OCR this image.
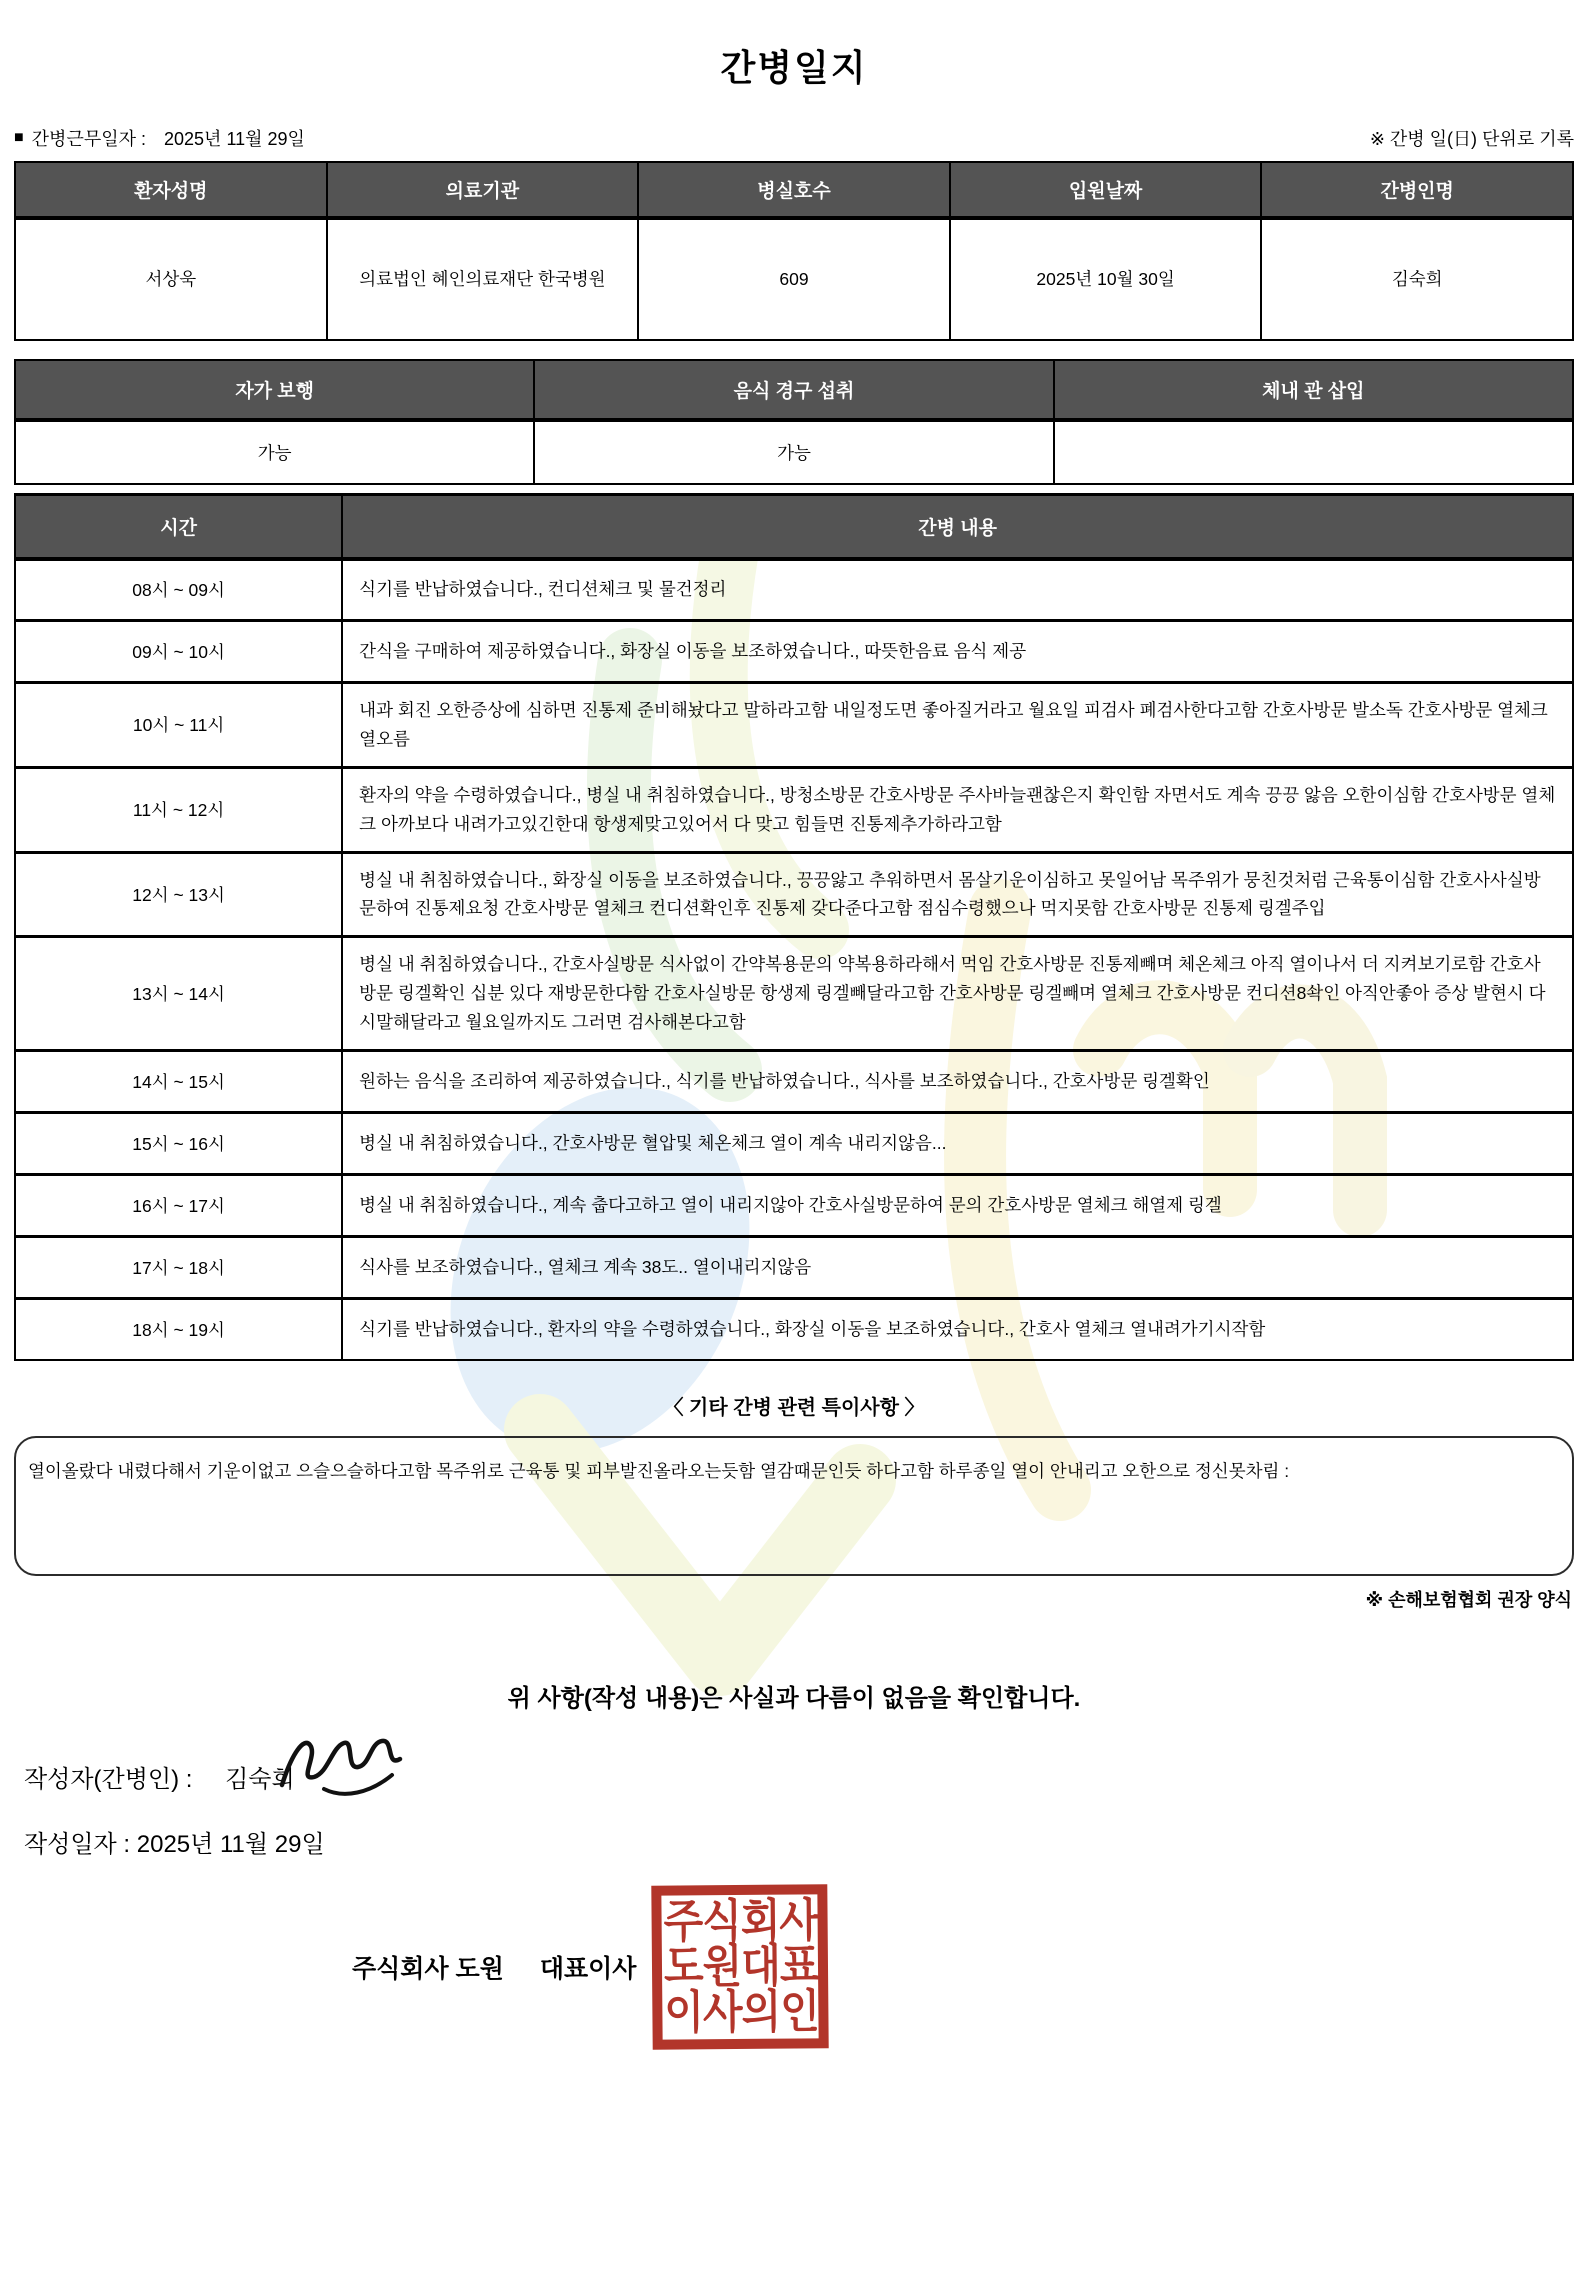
간병일지
■ 간병근무일자 : 2025년 11월 29일	※ 간병 일(日) 단위로 기록
환자성명	의료기관	병실호수	입원날짜	간병인명
서상욱	의료법인 혜인의료재단 한국병원	609	2025년 10월 30일	김숙희
자가 보행	음식 경구 섭취	체내 관 삽입
가능	가능	
시간	간병 내용
08시 ~ 09시	식기를 반납하였습니다., 컨디션체크 및 물건정리
09시 ~ 10시	간식을 구매하여 제공하였습니다., 화장실 이동을 보조하였습니다., 따뜻한음료 음식 제공
10시 ~ 11시	내과 회진 오한증상에 심하면 진통제 준비해놨다고 말하라고함 내일정도면 좋아질거라고 월요일 피검사 폐검사한다고함 간호사방문 발소독 간호사방문 열체크 열오름
11시 ~ 12시	환자의 약을 수령하였습니다., 병실 내 취침하였습니다., 방청소방문 간호사방문 주사바늘괜찮은지 확인함 자면서도 계속 끙끙 앓음 오한이심함 간호사방문 열체크 아까보다 내려가고있긴한대 항생제맞고있어서 다 맞고 힘들면 진통제추가하라고함
12시 ~ 13시	병실 내 취침하였습니다., 화장실 이동을 보조하였습니다., 끙끙앓고 추워하면서 몸살기운이심하고 못일어남 목주위가 뭉친것처럼 근육통이심함 간호사사실방문하여 진통제요청 간호사방문 열체크 컨디션확인후 진통제 갖다준다고함 점심수령했으나 먹지못함 간호사방문 진통제 링겔주입
13시 ~ 14시	병실 내 취침하였습니다., 간호사실방문 식사없이 간약복용문의 약복용하라해서 먹임 간호사방문 진통제빼며 체온체크 아직 열이나서 더 지켜보기로함 간호사방문 링겔확인 십분 있다 재방문한다함 간호사실방문 항생제 링겔빼달라고함 간호사방문 링겔빼며 열체크 간호사방문 컨디션8솩인 아직안좋아 증상 발현시 다시말해달라고 월요일까지도 그러면 검사해본다고함
14시 ~ 15시	원하는 음식을 조리하여 제공하였습니다., 식기를 반납하였습니다., 식사를 보조하였습니다., 간호사방문 링겔확인
15시 ~ 16시	병실 내 취침하였습니다., 간호사방문 혈압및 체온체크 열이 계속 내리지않음...
16시 ~ 17시	병실 내 취침하였습니다., 계속 춥다고하고 열이 내리지않아 간호사실방문하여 문의 간호사방문 열체크 해열제 링겔
17시 ~ 18시	식사를 보조하였습니다., 열체크 계속 38도.. 열이내리지않음
18시 ~ 19시	식기를 반납하였습니다., 환자의 약을 수령하였습니다., 화장실 이동을 보조하였습니다., 간호사 열체크 열내려가기시작함
〈 기타 간병 관련 특이사항 〉
열이올랐다 내렸다해서 기운이없고 으슬으슬하다고함 목주위로 근육통 및 피부발진올라오는듯함 열감때문인듯 하다고함 하루종일 열이 안내리고 오한으로 정신못차림 :
※ 손해보험협회 권장 양식
위 사항(작성 내용)은 사실과 다름이 없음을 확인합니다.
작성자(간병인) : 김숙희
작성일자 : 2025년 11월 29일
주식회사 도원 대표이사
주식회사
도원대표
이사의인
